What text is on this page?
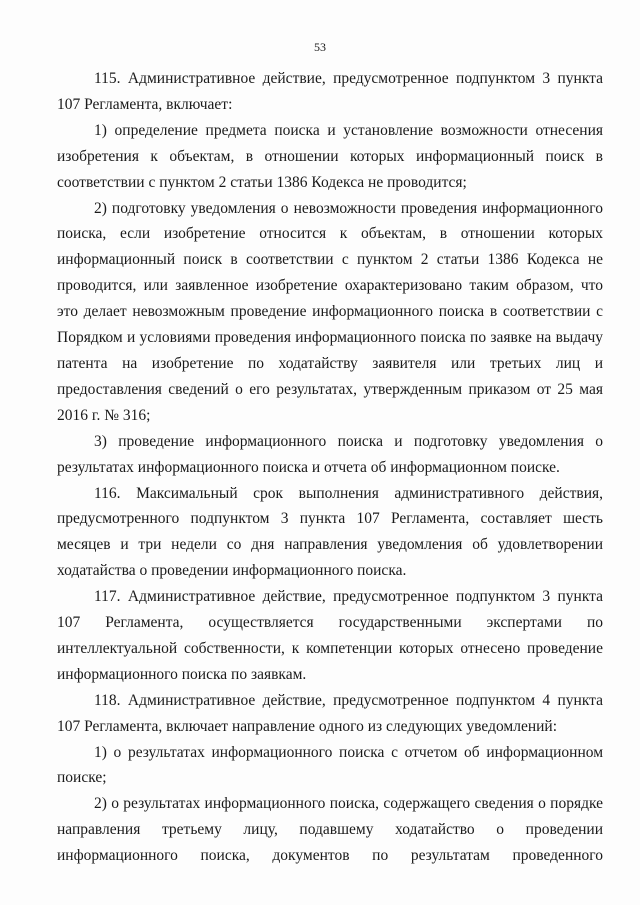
53

115. Административное действие, предусмотренное подпунктом 3 пункта 107 Регламента, включает:

1) определение предмета поиска и установление возможности отнесения изобретения к объектам, в отношении которых информационный поиск в соответствии с пунктом 2 статьи 1386 Кодекса не проводится;

2) подготовку уведомления о невозможности проведения информационного поиска, если изобретение относится к объектам, в отношении которых информационный поиск в соответствии с пунктом 2 статьи 1386 Кодекса не проводится, или заявленное изобретение охарактеризовано таким образом, что это делает невозможным проведение информационного поиска в соответствии с Порядком и условиями проведения информационного поиска по заявке на выдачу патента на изобретение по ходатайству заявителя или третьих лиц и предоставления сведений о его результатах, утвержденным приказом от 25 мая 2016 г. № 316;

3) проведение информационного поиска и подготовку уведомления о результатах информационного поиска и отчета об информационном поиске.

116. Максимальный срок выполнения административного действия, предусмотренного подпунктом 3 пункта 107 Регламента, составляет шесть месяцев и три недели со дня направления уведомления об удовлетворении ходатайства о проведении информационного поиска.

117. Административное действие, предусмотренное подпунктом 3 пункта 107 Регламента, осуществляется государственными экспертами по интеллектуальной собственности, к компетенции которых отнесено проведение информационного поиска по заявкам.

118. Административное действие, предусмотренное подпунктом 4 пункта 107 Регламента, включает направление одного из следующих уведомлений:

1) о результатах информационного поиска с отчетом об информационном поиске;

2) о результатах информационного поиска, содержащего сведения о порядке направления третьему лицу, подавшему ходатайство о проведении информационного поиска, документов по результатам проведенного
